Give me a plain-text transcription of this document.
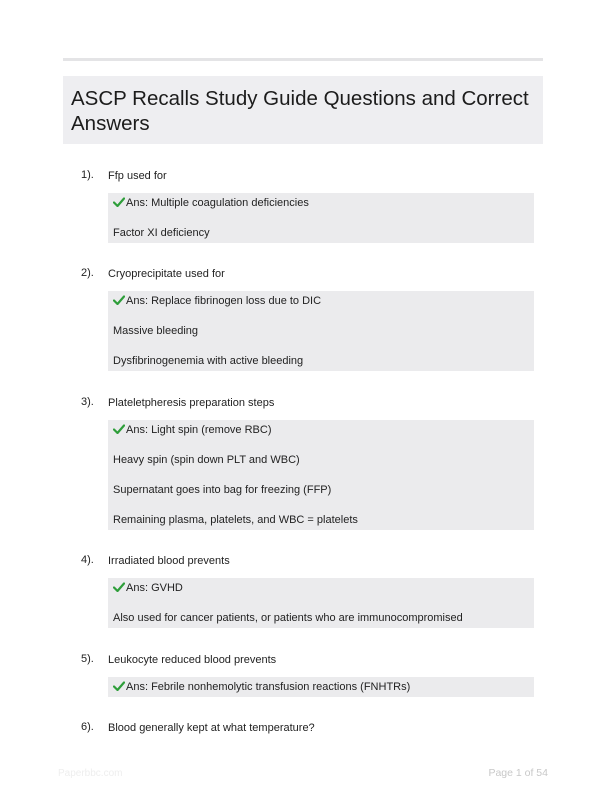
ASCP Recalls Study Guide Questions and Correct Answers
1). Ffp used for
Ans: Multiple coagulation deficiencies
Factor XI deficiency
2). Cryoprecipitate used for
Ans: Replace fibrinogen loss due to DIC
Massive bleeding
Dysfibrinogenemia with active bleeding
3). Plateletpheresis preparation steps
Ans: Light spin (remove RBC)
Heavy spin (spin down PLT and WBC)
Supernatant goes into bag for freezing (FFP)
Remaining plasma, platelets, and WBC = platelets
4). Irradiated blood prevents
Ans: GVHD
Also used for cancer patients, or patients who are immunocompromised
5). Leukocyte reduced blood prevents
Ans: Febrile nonhemolytic transfusion reactions (FNHTRs)
6). Blood generally kept at what temperature?
Paperbbc.com	Page 1 of 54
